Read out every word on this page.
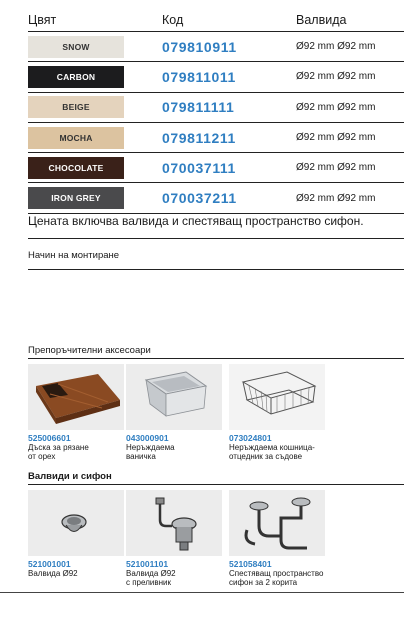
Цвят	Код	Валвида
SNOW	079810911	Ø92 mm Ø92 mm
CARBON	079811011	Ø92 mm Ø92 mm
BEIGE	079811111	Ø92 mm Ø92 mm
MOCHA	079811211	Ø92 mm Ø92 mm
CHOCOLATE	070037111	Ø92 mm Ø92 mm
IRON GREY	070037211	Ø92 mm Ø92 mm
Цената включва валвида и спестяващ пространство сифон.
Начин на монтиране
Препоръчителни аксесоари
525006601
Дъска за рязане
от орех
043000901
Неръждаема
ваничка
073024801
Неръждаема кошница-
отцедник за съдове
Валвиди и сифон
521001001
Валвида Ø92
521001101
Валвида Ø92
с преливник
521058401
Спестяващ пространство
сифон за 2 корита
